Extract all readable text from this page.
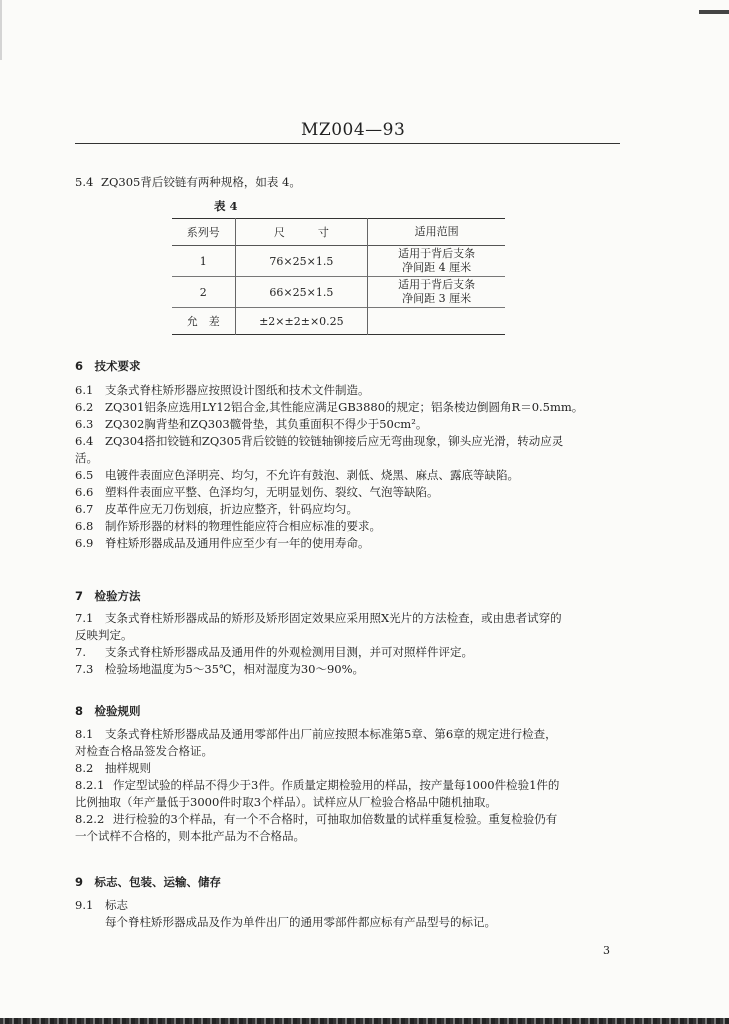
MZ004—93
5.4 ZQ305背后铰链有两种规格，如表 4。
表 4
系列号	尺　　　寸	适用范围
1	76×25×1.5	适用于背后支条
净间距 4 厘米

2	66×25×1.5	适用于背后支条
净间距 3 厘米

允　差	±2×±2±×0.25	
6　技术要求
6.1 支条式脊柱矫形器应按照设计图纸和技术文件制造。
6.2 ZQ301铝条应选用LY12铝合金,其性能应满足GB3880的规定；铝条棱边倒圆角R＝0.5mm。
6.3 ZQ302胸背垫和ZQ303髋骨垫，其负重面积不得少于50cm²。
6.4 ZQ304搭扣铰链和ZQ305背后铰链的铰链轴铆接后应无弯曲现象，铆头应光滑，转动应灵
活。
6.5 电镀件表面应色泽明亮、均匀，不允许有鼓泡、剥低、烧黑、麻点、露底等缺陷。
6.6 塑料件表面应平整、色泽均匀，无明显划伤、裂纹、气泡等缺陷。
6.7 皮革件应无刀伤划痕，折边应整齐，针码应均匀。
6.8 制作矫形器的材料的物理性能应符合相应标准的要求。
6.9 脊柱矫形器成品及通用件应至少有一年的使用寿命。
7　检验方法
7.1 支条式脊柱矫形器成品的矫形及矫形固定效果应采用照X光片的方法检查，或由患者试穿的
反映判定。
7. 支条式脊柱矫形器成品及通用件的外观检测用目测，并可对照样件评定。
7.3 检验场地温度为5～35℃，相对湿度为30～90%。
8　检验规则
8.1 支条式脊柱矫形器成品及通用零部件出厂前应按照本标准第5章、第6章的规定进行检查，
对检查合格品签发合格证。
8.2 抽样规则
8.2.1 作定型试验的样品不得少于3件。作质量定期检验用的样品，按产量每1000件检验1件的
比例抽取（年产量低于3000件时取3个样品）。试样应从厂检验合格品中随机抽取。
8.2.2 进行检验的3个样品，有一个不合格时，可抽取加倍数量的试样重复检验。重复检验仍有
一个试样不合格的，则本批产品为不合格品。
9　标志、包装、运输、储存
9.1 标志
每个脊柱矫形器成品及作为单件出厂的通用零部件都应标有产品型号的标记。
3
